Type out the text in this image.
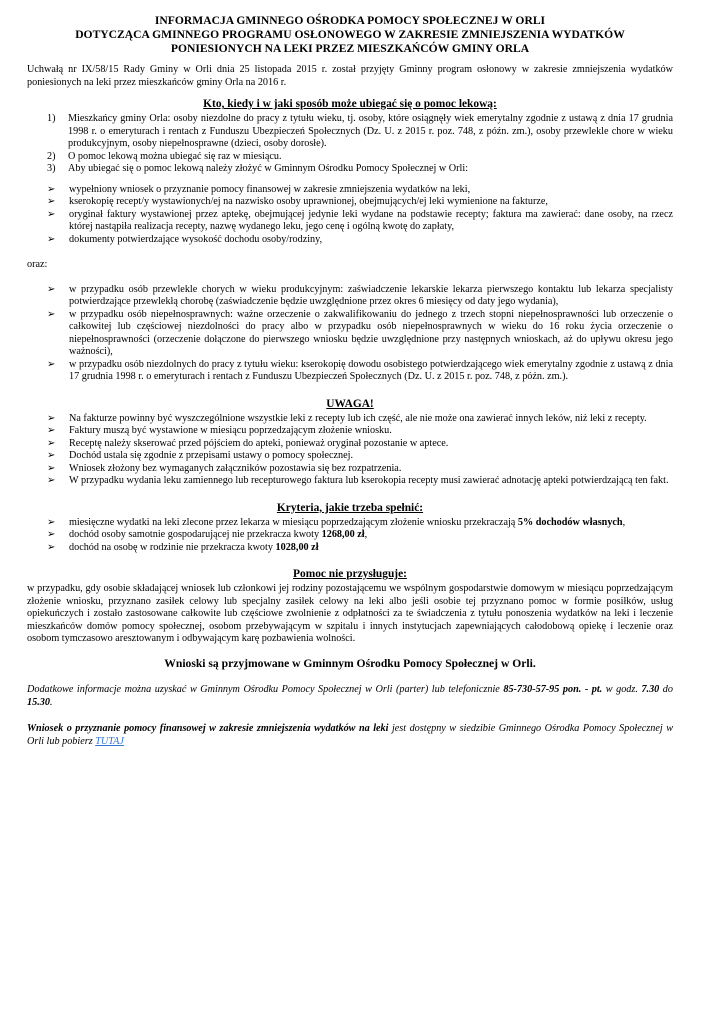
INFORMACJA GMINNEGO OŚRODKA POMOCY SPOŁECZNEJ W ORLI
DOTYCZĄCA GMINNEGO PROGRAMU OSŁONOWEGO W ZAKRESIE ZMNIEJSZENIA WYDATKÓW
PONIESIONYCH NA LEKI PRZEZ MIESZKAŃCÓW GMINY ORLA

Uchwałą nr IX/58/15 Rady Gminy w Orli dnia 25 listopada 2015 r. został przyjęty Gminny program osłonowy w zakresie zmniejszenia wydatków poniesionych na leki przez mieszkańców gminy Orla na 2016 r.

Kto, kiedy i w jaki sposób może ubiegać się o pomoc lekową:
1) Mieszkańcy gminy Orla: osoby niezdolne do pracy z tytułu wieku, tj. osoby, które osiągnęły wiek emerytalny zgodnie z ustawą z dnia 17 grudnia 1998 r. o emeryturach i rentach z Funduszu Ubezpieczeń Społecznych (Dz. U. z 2015 r. poz. 748, z późn. zm.), osoby przewlekle chore w wieku produkcyjnym, osoby niepełnosprawne (dzieci, osoby dorosłe).
2) O pomoc lekową można ubiegać się raz w miesiącu.
3) Aby ubiegać się o pomoc lekową należy złożyć w Gminnym Ośrodku Pomocy Społecznej w Orli:
➢ wypełniony wniosek o przyznanie pomocy finansowej w zakresie zmniejszenia wydatków na leki,
➢ kserokopię recept/y wystawionych/ej na nazwisko osoby uprawnionej, obejmujących/ej leki wymienione na fakturze,
➢ oryginał faktury wystawionej przez aptekę, obejmującej jedynie leki wydane na podstawie recepty; faktura ma zawierać: dane osoby, na rzecz której nastąpiła realizacja recepty, nazwę wydanego leku, jego cenę i ogólną kwotę do zapłaty,
➢ dokumenty potwierdzające wysokość dochodu osoby/rodziny,
oraz:
➢ w przypadku osób przewlekle chorych w wieku produkcyjnym: zaświadczenie lekarskie lekarza pierwszego kontaktu lub lekarza specjalisty potwierdzające przewlekłą chorobę (zaświadczenie będzie uwzględnione przez okres 6 miesięcy od daty jego wydania),
➢ w przypadku osób niepełnosprawnych: ważne orzeczenie o zakwalifikowaniu do jednego z trzech stopni niepełnosprawności lub orzeczenie o całkowitej lub częściowej niezdolności do pracy albo w przypadku osób niepełnosprawnych w wieku do 16 roku życia orzeczenie o niepełnosprawności (orzeczenie dołączone do pierwszego wniosku będzie uwzględnione przy następnych wnioskach, aż do upływu okresu jego ważności),
➢ w przypadku osób niezdolnych do pracy z tytułu wieku: kserokopię dowodu osobistego potwierdzającego wiek emerytalny zgodnie z ustawą z dnia 17 grudnia 1998 r. o emeryturach i rentach z Funduszu Ubezpieczeń Społecznych (Dz. U. z 2015 r. poz. 748, z późn. zm.).
UWAGA!
➢ Na fakturze powinny być wyszczególnione wszystkie leki z recepty lub ich część, ale nie może ona zawierać innych leków, niż leki z recepty.
➢ Faktury muszą być wystawione w miesiącu poprzedzającym złożenie wniosku.
➢ Receptę należy skserować przed pójściem do apteki, ponieważ oryginał pozostanie w aptece.
➢ Dochód ustala się zgodnie z przepisami ustawy o pomocy społecznej.
➢ Wniosek złożony bez wymaganych załączników pozostawia się bez rozpatrzenia.
➢ W przypadku wydania leku zamiennego lub recepturowego faktura lub kserokopia recepty musi zawierać adnotację apteki potwierdzającą ten fakt.
Kryteria, jakie trzeba spełnić:
➢ miesięczne wydatki na leki zlecone przez lekarza w miesiącu poprzedzającym złożenie wniosku przekraczają 5% dochodów własnych,
➢ dochód osoby samotnie gospodarującej nie przekracza kwoty 1268,00 zł,
➢ dochód na osobę w rodzinie nie przekracza kwoty 1028,00 zł
Pomoc nie przysługuje:

w przypadku, gdy osobie składającej wniosek lub członkowi jej rodziny pozostającemu we wspólnym gospodarstwie domowym w miesiącu poprzedzającym złożenie wniosku, przyznano zasiłek celowy lub specjalny zasiłek celowy na leki albo jeśli osobie tej przyznano pomoc w formie posiłków, usług opiekuńczych i zostało zastosowane całkowite lub częściowe zwolnienie z odpłatności za te świadczenia z tytułu ponoszenia wydatków na leki i leczenie mieszkańców domów pomocy społecznej, osobom przebywającym w szpitalu i innych instytucjach zapewniających całodobową opiekę i leczenie oraz osobom tymczasowo aresztowanym i odbywającym karę pozbawienia wolności.

Wnioski są przyjmowane w Gminnym Ośrodku Pomocy Społecznej w Orli.

Dodatkowe informacje można uzyskać w Gminnym Ośrodku Pomocy Społecznej w Orli (parter) lub telefonicznie 85-730-57-95 pon. - pt. w godz. 7.30 do 15.30.

Wniosek o przyznanie pomocy finansowej w zakresie zmniejszenia wydatków na leki jest dostępny w siedzibie Gminnego Ośrodka Pomocy Społecznej w Orli lub pobierz TUTAJ
